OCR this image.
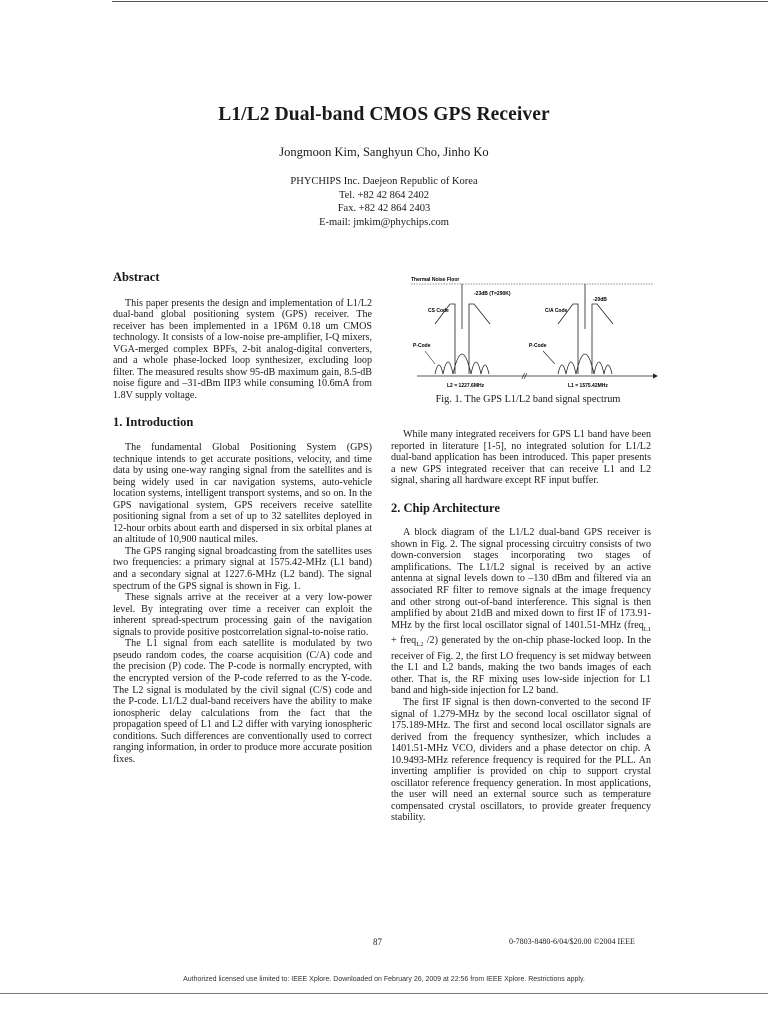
L1/L2 Dual-band CMOS GPS Receiver
Jongmoon Kim, Sanghyun Cho, Jinho Ko
PHYCHIPS Inc. Daejeon Republic of Korea
Tel. +82 42 864 2402
Fax. +82 42 864 2403
E-mail: jmkim@phychips.com

Abstract

This paper presents the design and implementation of L1/L2 dual-band global positioning system (GPS) receiver. The receiver has been implemented in a 1P6M 0.18 um CMOS technology. It consists of a low-noise pre-amplifier, I-Q mixers, VGA-merged complex BPFs, 2-bit analog-digital converters, and a whole phase-locked loop synthesizer, excluding loop filter. The measured results show 95-dB maximum gain, 8.5-dB noise figure and –31-dBm IIP3 while consuming 10.6mA from 1.8V supply voltage.

1. Introduction

The fundamental Global Positioning System (GPS) technique intends to get accurate positions, velocity, and time data by using one-way ranging signal from the satellites and is being widely used in car navigation systems, auto-vehicle location systems, intelligent transport systems, and so on. In the GPS navigational system, GPS receivers receive satellite positioning signal from a set of up to 32 satellites deployed in 12-hour orbits about earth and dispersed in six orbital planes at an altitude of 10,900 nautical miles.

The GPS ranging signal broadcasting from the satellites uses two frequencies: a primary signal at 1575.42-MHz (L1 band) and a secondary signal at 1227.6-MHz (L2 band). The signal spectrum of the GPS signal is shown in Fig. 1.

These signals arrive at the receiver at a very low-power level. By integrating over time a receiver can exploit the inherent spread-spectrum processing gain of the navigation signals to provide positive postcorrelation signal-to-noise ratio.

The L1 signal from each satellite is modulated by two pseudo random codes, the coarse acquisition (C/A) code and the precision (P) code. The P-code is normally encrypted, with the encrypted version of the P-code referred to as the Y-code. The L2 signal is modulated by the civil signal (C/S) code and the P-code. L1/L2 dual-band receivers have the ability to make ionospheric delay calculations from the fact that the propagation speed of L1 and L2 differ with varying ionospheric conditions. Such differences are conventionally used to correct ranging information, in order to produce more accurate position fixes.

Thermal Noise Floor
CS Code
-23dB (T=290K)
P-Code
C/A Code
-20dB
P-Code
//
L2 = 1227.6MHz	L1 = 1575.42MHz
Fig. 1. The GPS L1/L2 band signal spectrum

While many integrated receivers for GPS L1 band have been reported in literature [1-5], no integrated solution for L1/L2 dual-band application has been introduced. This paper presents a new GPS integrated receiver that can receive L1 and L2 signal, sharing all hardware except RF input buffer.

2. Chip Architecture

A block diagram of the L1/L2 dual-band GPS receiver is shown in Fig. 2. The signal processing circuitry consists of two down-conversion stages incorporating two stages of amplifications. The L1/L2 signal is received by an active antenna at signal levels down to –130 dBm and filtered via an associated RF filter to remove signals at the image frequency and other strong out-of-band interference. This signal is then amplified by about 21dB and mixed down to first IF of 173.91-MHz by the first local oscillator signal of 1401.51-MHz (freq$_{L1}$ + freq$_{L2}$ /2) generated by the on-chip phase-locked loop. In the receiver of Fig. 2, the first LO frequency is set midway between the L1 and L2 bands, making the two bands images of each other. That is, the RF mixing uses low-side injection for L1 band and high-side injection for L2 band.

The first IF signal is then down-converted to the second IF signal of 1.279-MHz by the second local oscillator signal of 175.189-MHz. The first and second local oscillator signals are derived from the frequency synthesizer, which includes a 1401.51-MHz VCO, dividers and a phase detector on chip. A 10.9493-MHz reference frequency is required for the PLL. An inverting amplifier is provided on chip to support crystal oscillator reference frequency generation. In most applications, the user will need an external source such as temperature compensated crystal oscillators, to provide greater frequency stability.

87	0-7803-8480-6/04/$20.00 ©2004 IEEE
Authorized licensed use limited to: IEEE Xplore. Downloaded on February 26, 2009 at 22:56 from IEEE Xplore. Restrictions apply.
